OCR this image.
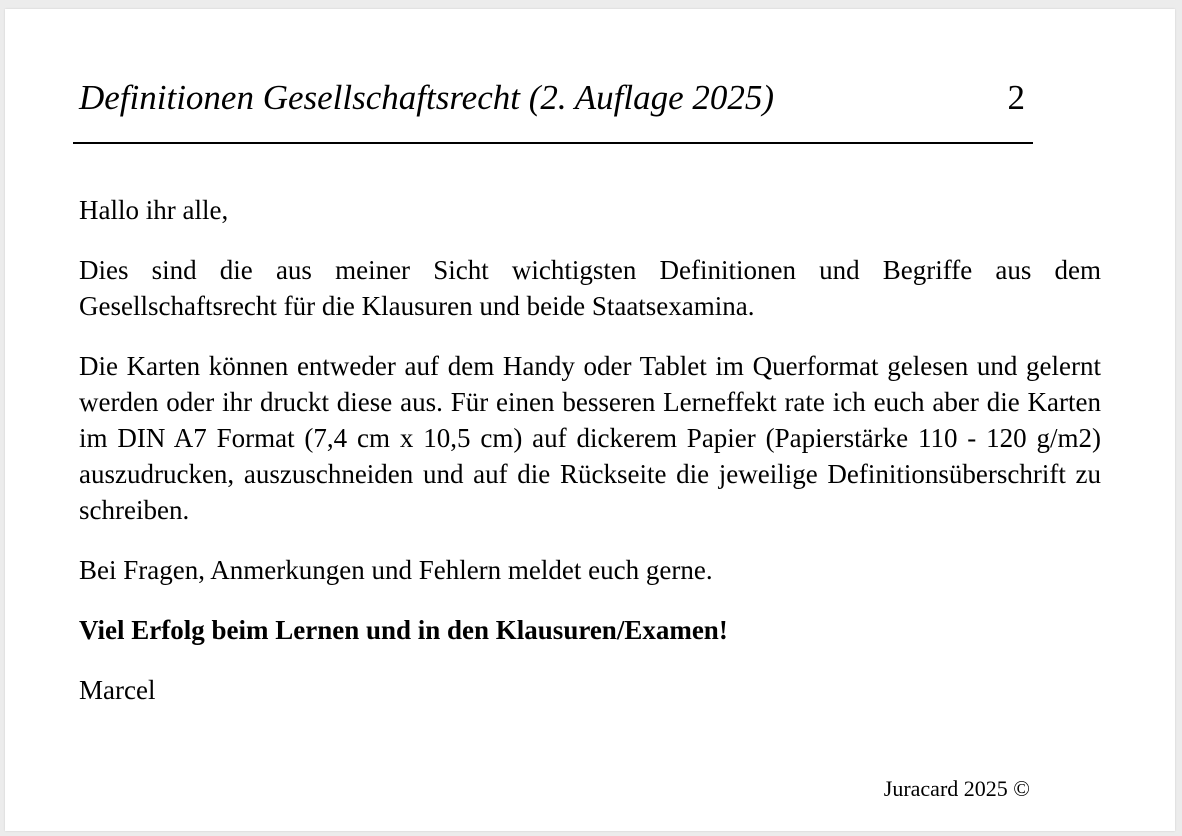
Definitionen Gesellschaftsrecht (2. Auflage 2025)	2

Hallo ihr alle,

Dies sind die aus meiner Sicht wichtigsten Definitionen und Begriffe aus dem Gesellschaftsrecht für die Klausuren und beide Staatsexamina.

Die Karten können entweder auf dem Handy oder Tablet im Querformat gelesen und gelernt werden oder ihr druckt diese aus. Für einen besseren Lerneffekt rate ich euch aber die Karten im DIN A7 Format (7,4 cm x 10,5 cm) auf dickerem Papier (Papierstärke 110 - 120 g/m2) auszudrucken, auszuschneiden und auf die Rückseite die jeweilige Definitionsüberschrift zu schreiben.

Bei Fragen, Anmerkungen und Fehlern meldet euch gerne.

Viel Erfolg beim Lernen und in den Klausuren/Examen!

Marcel

Juracard 2025 ©
